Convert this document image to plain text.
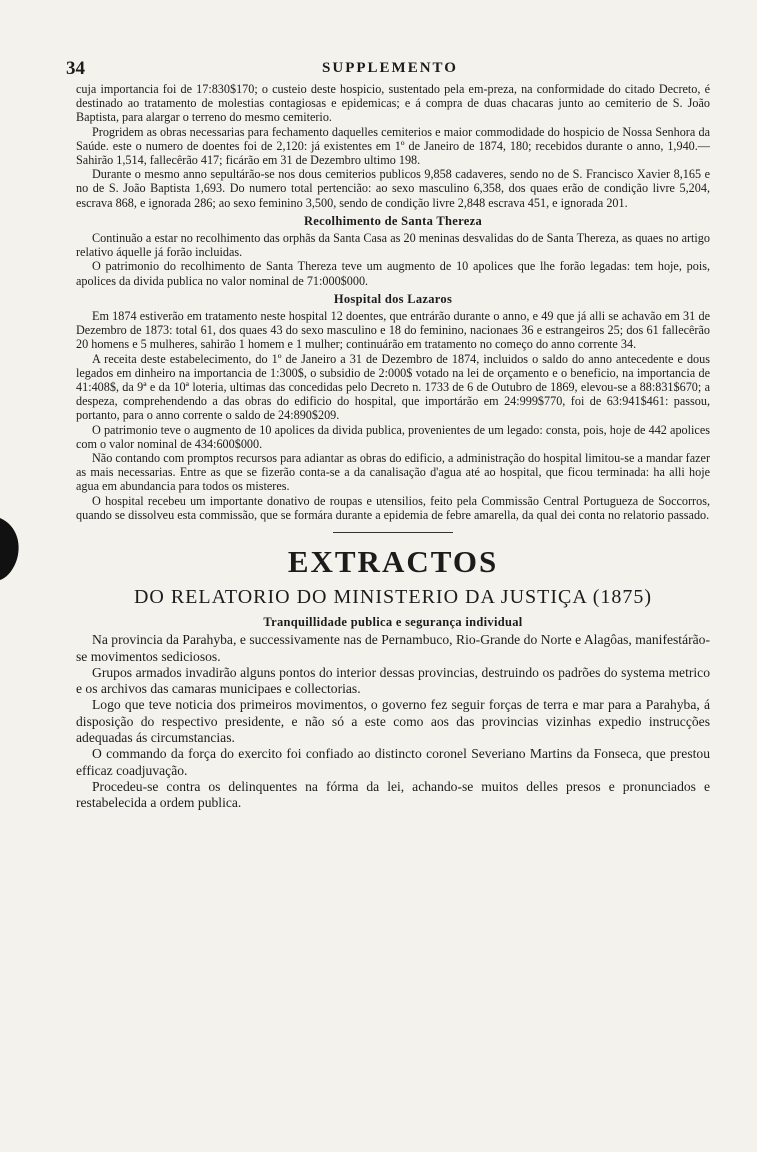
34	SUPPLEMENTO

cuja importancia foi de 17:830$170; o custeio deste hospicio, sustentado pela em-preza, na conformidade do citado Decreto, é destinado ao tratamento de molestias contagiosas e epidemicas; e á compra de duas chacaras junto ao cemiterio de S. João Baptista, para alargar o terreno do mesmo cemiterio.

Progridem as obras necessarias para fechamento daquelles cemiterios e maior commodidade do hospicio de Nossa Senhora da Saúde. este o numero de doentes foi de 2,120: já existentes em 1º de Janeiro de 1874, 180; recebidos durante o anno, 1,940.—Sahirão 1,514, fallecêrão 417; ficárão em 31 de Dezembro ultimo 198.

Durante o mesmo anno sepultárão-se nos dous cemiterios publicos 9,858 cadaveres, sendo no de S. Francisco Xavier 8,165 e no de S. João Baptista 1,693. Do numero total pertencião: ao sexo masculino 6,358, dos quaes erão de condição livre 5,204, escrava 868, e ignorada 286; ao sexo feminino 3,500, sendo de condição livre 2,848 escrava 451, e ignorada 201.

Recolhimento de Santa Thereza

Continuão a estar no recolhimento das orphãs da Santa Casa as 20 meninas desvalidas do de Santa Thereza, as quaes no artigo relativo áquelle já forão incluidas.

O patrimonio do recolhimento de Santa Thereza teve um augmento de 10 apolices que lhe forão legadas: tem hoje, pois, apolices da divida publica no valor nominal de 71:000$000.

Hospital dos Lazaros

Em 1874 estiverão em tratamento neste hospital 12 doentes, que entrárão durante o anno, e 49 que já alli se achavão em 31 de Dezembro de 1873: total 61, dos quaes 43 do sexo masculino e 18 do feminino, nacionaes 36 e estrangeiros 25; dos 61 fallecêrão 20 homens e 5 mulheres, sahirão 1 homem e 1 mulher; continuárão em tratamento no começo do anno corrente 34.

A receita deste estabelecimento, do 1º de Janeiro a 31 de Dezembro de 1874, incluidos o saldo do anno antecedente e dous legados em dinheiro na importancia de 1:300$, o subsidio de 2:000$ votado na lei de orçamento e o beneficio, na importancia de 41:408$, da 9ª e da 10ª loteria, ultimas das concedidas pelo Decreto n. 1733 de 6 de Outubro de 1869, elevou-se a 88:831$670; a despeza, comprehendendo a das obras do edificio do hospital, que importárão em 24:999$770, foi de 63:941$461: passou, portanto, para o anno corrente o saldo de 24:890$209.

O patrimonio teve o augmento de 10 apolices da divida publica, provenientes de um legado: consta, pois, hoje de 442 apolices com o valor nominal de 434:600$000.

Não contando com promptos recursos para adiantar as obras do edificio, a administração do hospital limitou-se a mandar fazer as mais necessarias. Entre as que se fizerão conta-se a da canalisação d'agua até ao hospital, que ficou terminada: ha alli hoje agua em abundancia para todos os misteres.

O hospital recebeu um importante donativo de roupas e utensilios, feito pela Commissão Central Portugueza de Soccorros, quando se dissolveu esta commissão, que se formára durante a epidemia de febre amarella, da qual dei conta no relatorio passado.

EXTRACTOS
DO RELATORIO DO MINISTERIO DA JUSTIÇA (1875)
Tranquillidade publica e segurança individual

Na provincia da Parahyba, e successivamente nas de Pernambuco, Rio-Grande do Norte e Alagôas, manifestárão-se movimentos sediciosos.

Grupos armados invadirão alguns pontos do interior dessas provincias, destruindo os padrões do systema metrico e os archivos das camaras municipaes e collectorias.

Logo que teve noticia dos primeiros movimentos, o governo fez seguir forças de terra e mar para a Parahyba, á disposição do respectivo presidente, e não só a este como aos das provincias vizinhas expedio instrucções adequadas ás circumstancias.

O commando da força do exercito foi confiado ao distincto coronel Severiano Martins da Fonseca, que prestou efficaz coadjuvação.

Procedeu-se contra os delinquentes na fórma da lei, achando-se muitos delles presos e pronunciados e restabelecida a ordem publica.
